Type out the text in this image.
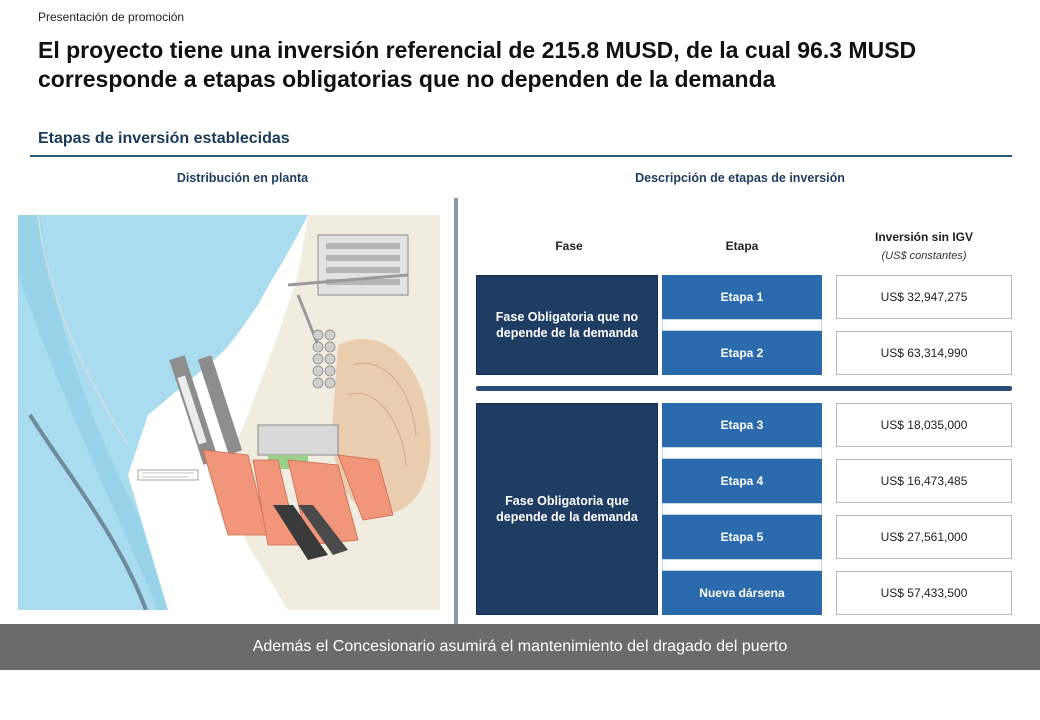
Presentación de promoción
El proyecto tiene una inversión referencial de 215.8 MUSD, de la cual 96.3 MUSD corresponde a etapas obligatorias que no dependen de la demanda
Etapas de inversión establecidas
Distribución en planta	Descripción de etapas de inversión
Fase	Etapa
Inversión sin IGV
(US$ constantes)
Fase Obligatoria que no depende de la demanda
Etapa 1
Etapa 2
US$ 32,947,275
US$ 63,314,990
Fase Obligatoria que depende de la demanda
Etapa 3
Etapa 4
Etapa 5
Nueva dársena
US$ 18,035,000
US$ 16,473,485
US$ 27,561,000
US$ 57,433,500
Además el Concesionario asumirá el mantenimiento del dragado del puerto
